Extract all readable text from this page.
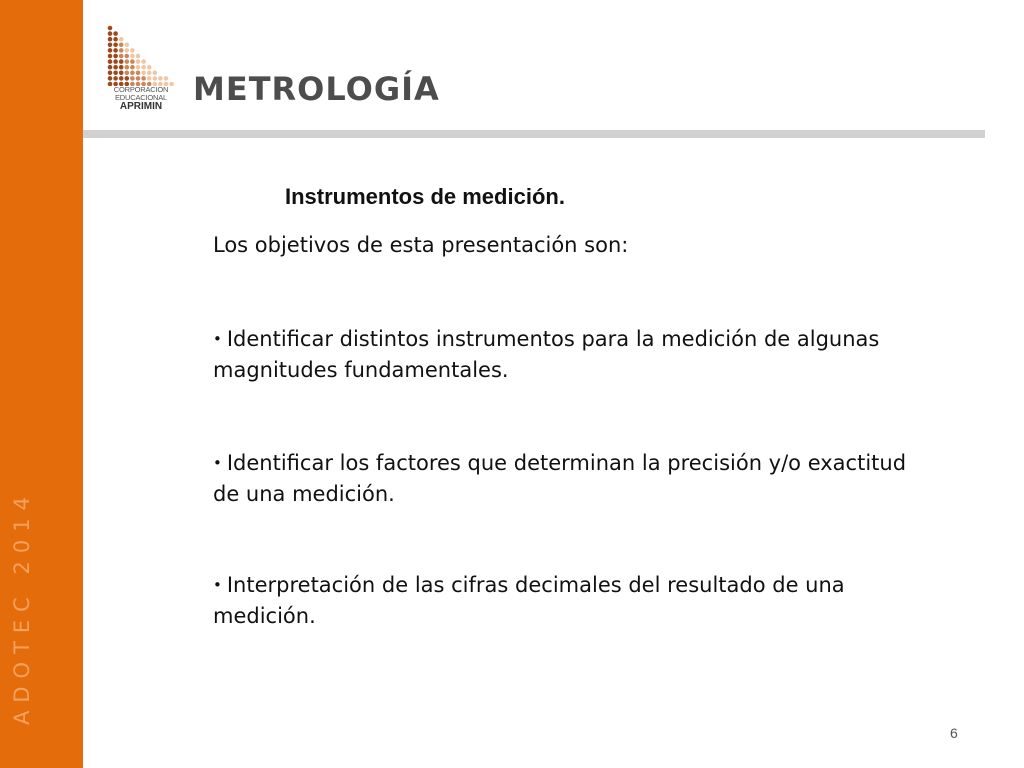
ADOTEC 2014
CORPORACION
EDUCACIONAL
APRIMIN METROLOGÍA
Instrumentos de medición.
Los objetivos de esta presentación son:
• Identificar distintos instrumentos para la medición de algunas magnitudes fundamentales.
• Identificar los factores que determinan la precisión y/o exactitud de una medición.
• Interpretación de las cifras decimales del resultado de una medición.
6
